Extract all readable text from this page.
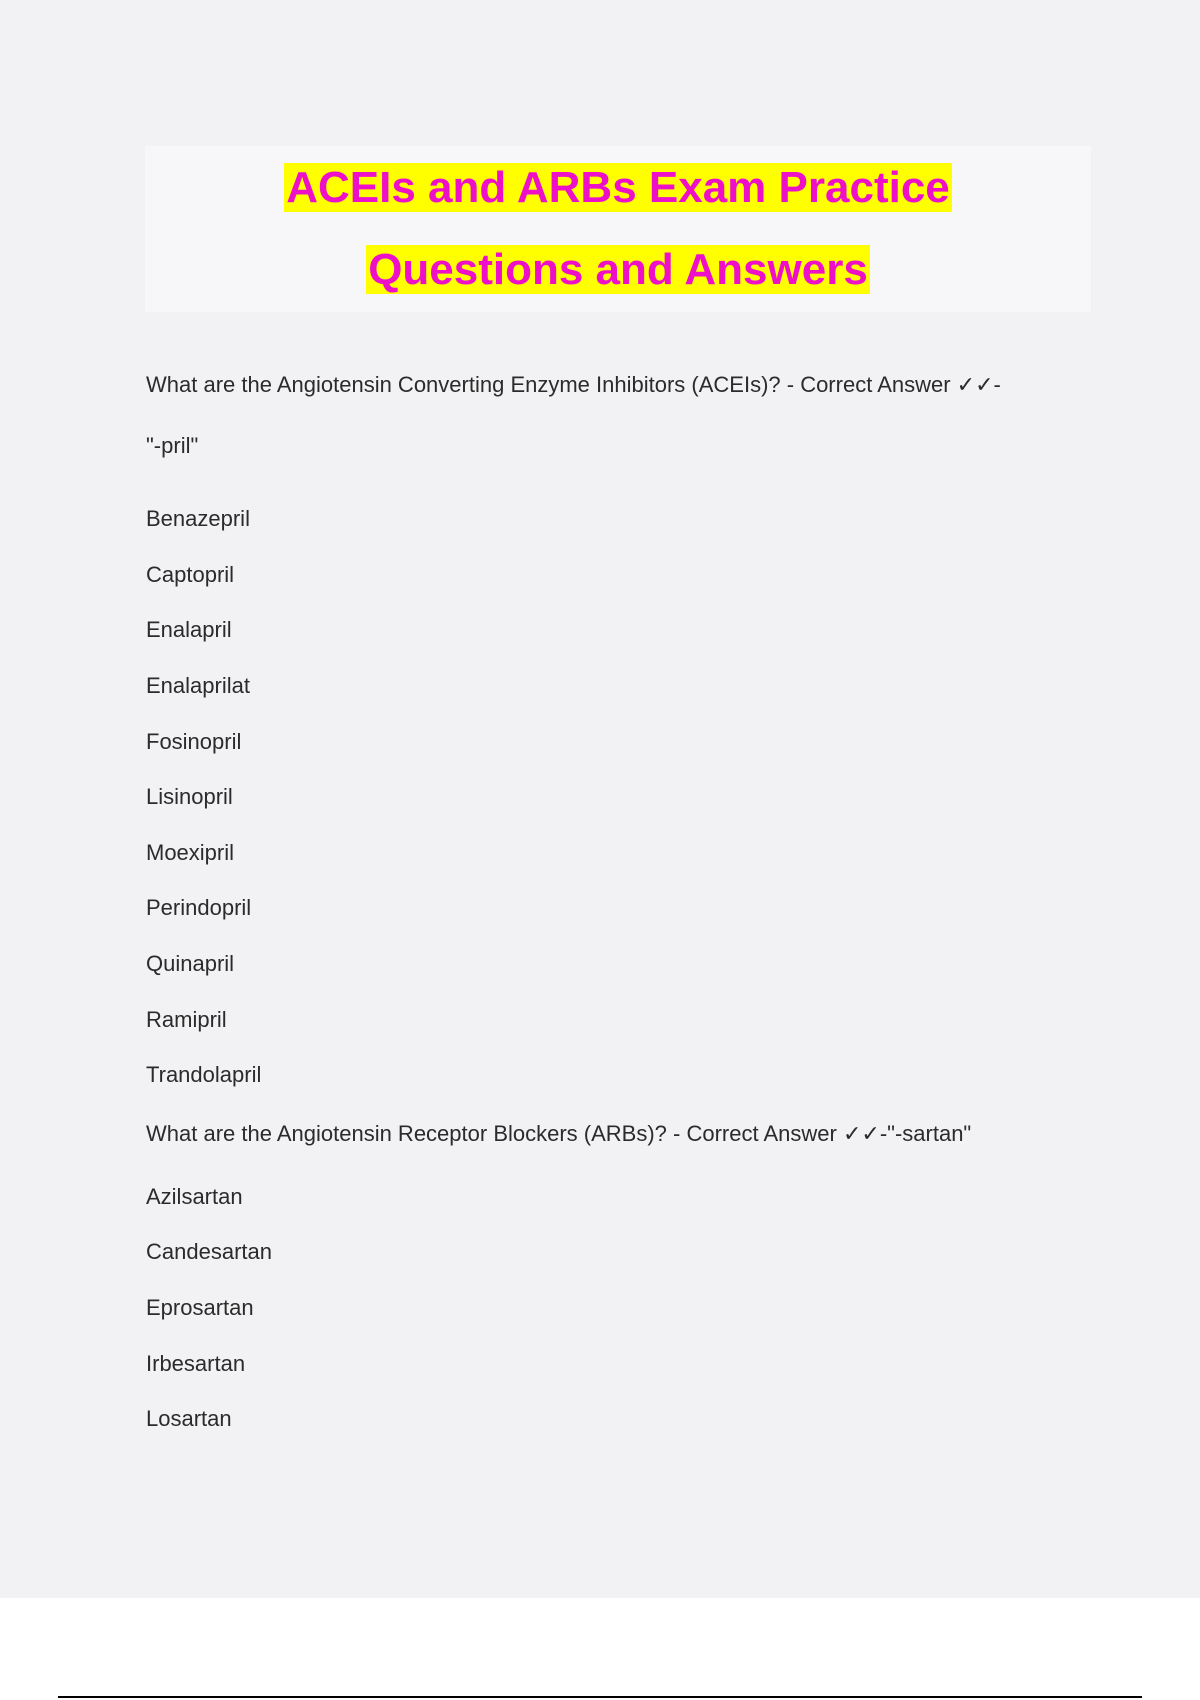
ACEIs and ARBs Exam Practice

Questions and Answers

What are the Angiotensin Converting Enzyme Inhibitors (ACEIs)? - Correct Answer ✓✓-

"-pril"

Benazepril

Captopril

Enalapril

Enalaprilat

Fosinopril

Lisinopril

Moexipril

Perindopril

Quinapril

Ramipril

Trandolapril

What are the Angiotensin Receptor Blockers (ARBs)? - Correct Answer ✓✓-"-sartan"

Azilsartan

Candesartan

Eprosartan

Irbesartan

Losartan
